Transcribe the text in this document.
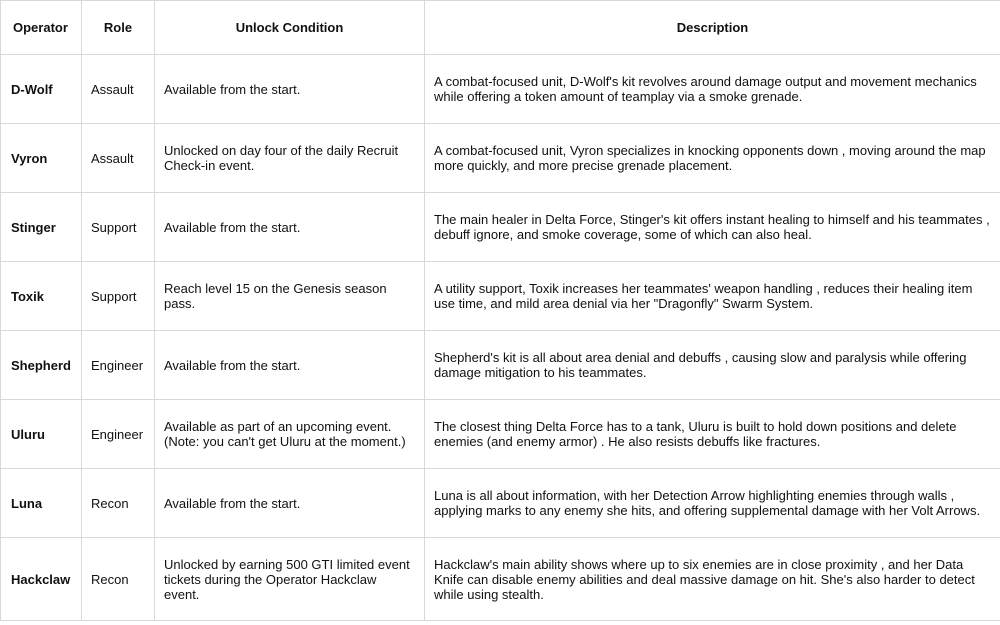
Operator	Role	Unlock Condition	Description
D-Wolf	Assault	Available from the start.	A combat-focused unit, D-Wolf's kit revolves around damage output and movement mechanics while offering a token amount of teamplay via a smoke grenade.
Vyron	Assault	Unlocked on day four of the daily Recruit Check-in event.	A combat-focused unit, Vyron specializes in knocking opponents down , moving around the map more quickly, and more precise grenade placement.
Stinger	Support	Available from the start.	The main healer in Delta Force, Stinger's kit offers instant healing to himself and his teammates , debuff ignore, and smoke coverage, some of which can also heal.
Toxik	Support	Reach level 15 on the Genesis season pass.	A utility support, Toxik increases her teammates' weapon handling , reduces their healing item use time, and mild area denial via her "Dragonfly" Swarm System.
Shepherd	Engineer	Available from the start.	Shepherd's kit is all about area denial and debuffs , causing slow and paralysis while offering damage mitigation to his teammates.
Uluru	Engineer	Available as part of an upcoming event. (Note: you can't get Uluru at the moment.)	The closest thing Delta Force has to a tank, Uluru is built to hold down positions and delete enemies (and enemy armor) . He also resists debuffs like fractures.
Luna	Recon	Available from the start.	Luna is all about information, with her Detection Arrow highlighting enemies through walls , applying marks to any enemy she hits, and offering supplemental damage with her Volt Arrows.
Hackclaw	Recon	Unlocked by earning 500 GTI limited event tickets during the Operator Hackclaw event.	Hackclaw's main ability shows where up to six enemies are in close proximity , and her Data Knife can disable enemy abilities and deal massive damage on hit. She's also harder to detect while using stealth.
